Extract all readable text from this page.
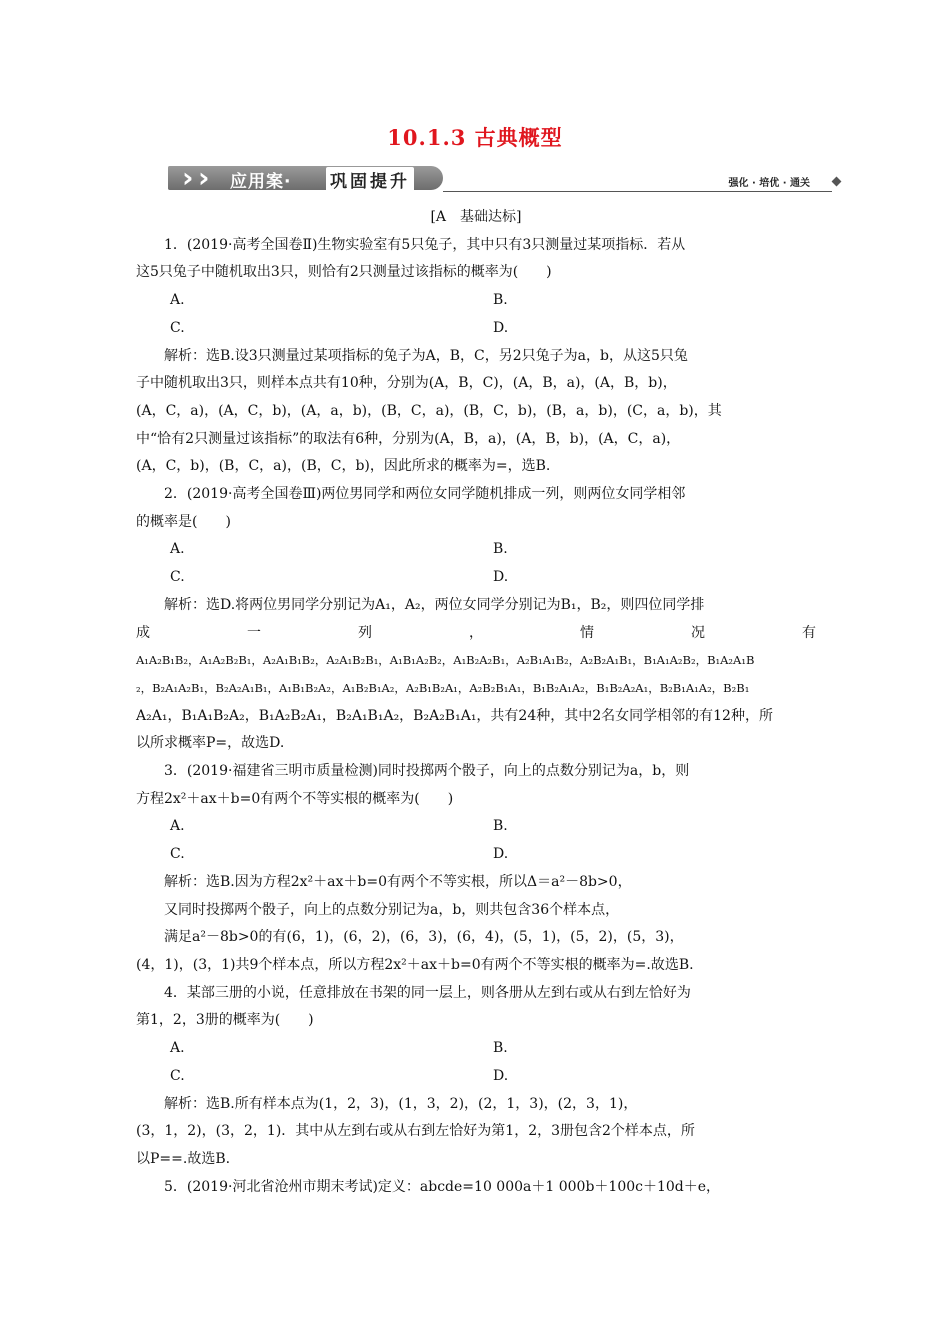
10.1.3 古典概型
› ›	应用案· 巩固提升	强化 · 培优 · 通关
[A　基础达标]
1．(2019·高考全国卷Ⅱ)生物实验室有5只兔子，其中只有3只测量过某项指标．若从
这5只兔子中随机取出3只，则恰有2只测量过该指标的概率为(　　)
A.	B.
C.	D.
解析：选B.设3只测量过某项指标的兔子为A，B，C，另2只兔子为a，b，从这5只兔
子中随机取出3只，则样本点共有10种，分别为(A，B，C)，(A，B，a)，(A，B，b)，
(A，C，a)，(A，C，b)，(A，a，b)，(B，C，a)，(B，C，b)，(B，a，b)，(C，a，b)，其
中“恰有2只测量过该指标”的取法有6种，分别为(A，B，a)，(A，B，b)，(A，C，a)，
(A，C，b)，(B，C，a)，(B，C，b)，因此所求的概率为=，选B.
2．(2019·高考全国卷Ⅲ)两位男同学和两位女同学随机排成一列，则两位女同学相邻
的概率是(　　)
A.	B.
C.	D.
解析：选D.将两位男同学分别记为A₁，A₂，两位女同学分别记为B₁，B₂，则四位同学排
成	一	列	，	情	况	有
A₁A₂B₁B₂，A₁A₂B₂B₁，A₂A₁B₁B₂，A₂A₁B₂B₁，A₁B₁A₂B₂，A₁B₂A₂B₁，A₂B₁A₁B₂，A₂B₂A₁B₁，B₁A₁A₂B₂，B₁A₂A₁B
₂，B₂A₁A₂B₁，B₂A₂A₁B₁，A₁B₁B₂A₂，A₁B₂B₁A₂，A₂B₁B₂A₁，A₂B₂B₁A₁，B₁B₂A₁A₂，B₁B₂A₂A₁，B₂B₁A₁A₂，B₂B₁
A₂A₁，B₁A₁B₂A₂，B₁A₂B₂A₁，B₂A₁B₁A₂，B₂A₂B₁A₁，共有24种，其中2名女同学相邻的有12种，所
以所求概率P=，故选D.
3．(2019·福建省三明市质量检测)同时投掷两个骰子，向上的点数分别记为a，b，则
方程2x²＋ax＋b=0有两个不等实根的概率为(　　)
A.	B.
C.	D.
解析：选B.因为方程2x²＋ax＋b=0有两个不等实根，所以Δ＝a²－8b>0，
又同时投掷两个骰子，向上的点数分别记为a，b，则共包含36个样本点，
满足a²－8b>0的有(6，1)，(6，2)，(6，3)，(6，4)，(5，1)，(5，2)，(5，3)，
(4，1)，(3，1)共9个样本点，所以方程2x²＋ax＋b=0有两个不等实根的概率为=.故选B.
4．某部三册的小说，任意排放在书架的同一层上，则各册从左到右或从右到左恰好为
第1，2，3册的概率为(　　)
A.	B.
C.	D.
解析：选B.所有样本点为(1，2，3)，(1，3，2)，(2，1，3)，(2，3，1)，
(3，1，2)，(3，2，1)．其中从左到右或从右到左恰好为第1，2，3册包含2个样本点，所
以P==.故选B.
5．(2019·河北省沧州市期末考试)定义：abcde=10 000a＋1 000b＋100c＋10d＋e，
